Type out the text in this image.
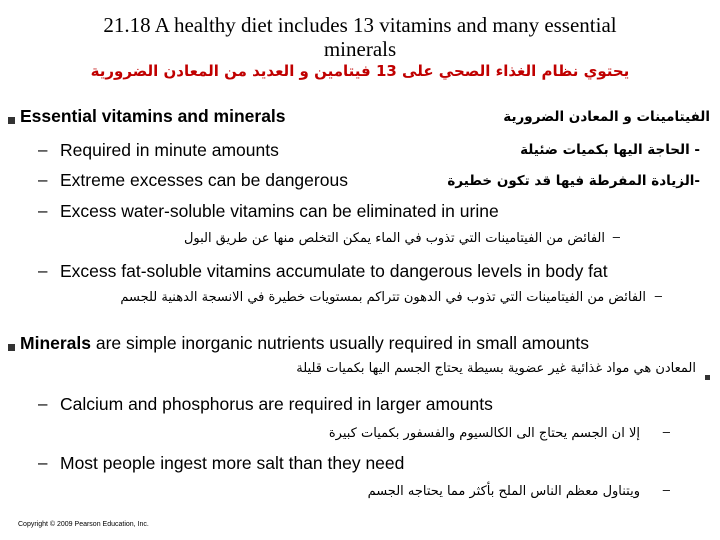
21.18 A healthy diet includes 13 vitamins and many essential
minerals
يحتوي نظام الغذاء الصحي على 13 فيتامين و العديد من المعادن الضرورية
Essential vitamins and minerals	الفيتامينات و المعادن الضرورية
– Required in minute amounts	- الحاجة اليها بكميات ضئيلة
– Extreme excesses can be dangerous	-الزيادة المفرطة فيها قد تكون خطيرة
– Excess water-soluble vitamins can be eliminated in urine
–
الفائض من الفيتامينات التي تذوب في الماء يمكن التخلص منها عن طريق البول
– Excess fat-soluble vitamins accumulate to dangerous levels in body fat
–
الفائض من الفيتامينات التي تذوب في الدهون تتراكم بمستويات خطيرة في الانسجة الدهنية للجسم
Minerals are simple inorganic nutrients usually required in small amounts
المعادن هي مواد غذائية غير عضوية بسيطة يحتاج الجسم اليها بكميات قليلة
– Calcium and phosphorus are required in larger amounts
–
إلا ان الجسم يحتاج الى الكالسيوم والفسفور بكميات كبيرة
– Most people ingest more salt than they need
–
ويتناول معظم الناس الملح بأكثر مما يحتاجه الجسم
Copyright © 2009 Pearson Education, Inc.
